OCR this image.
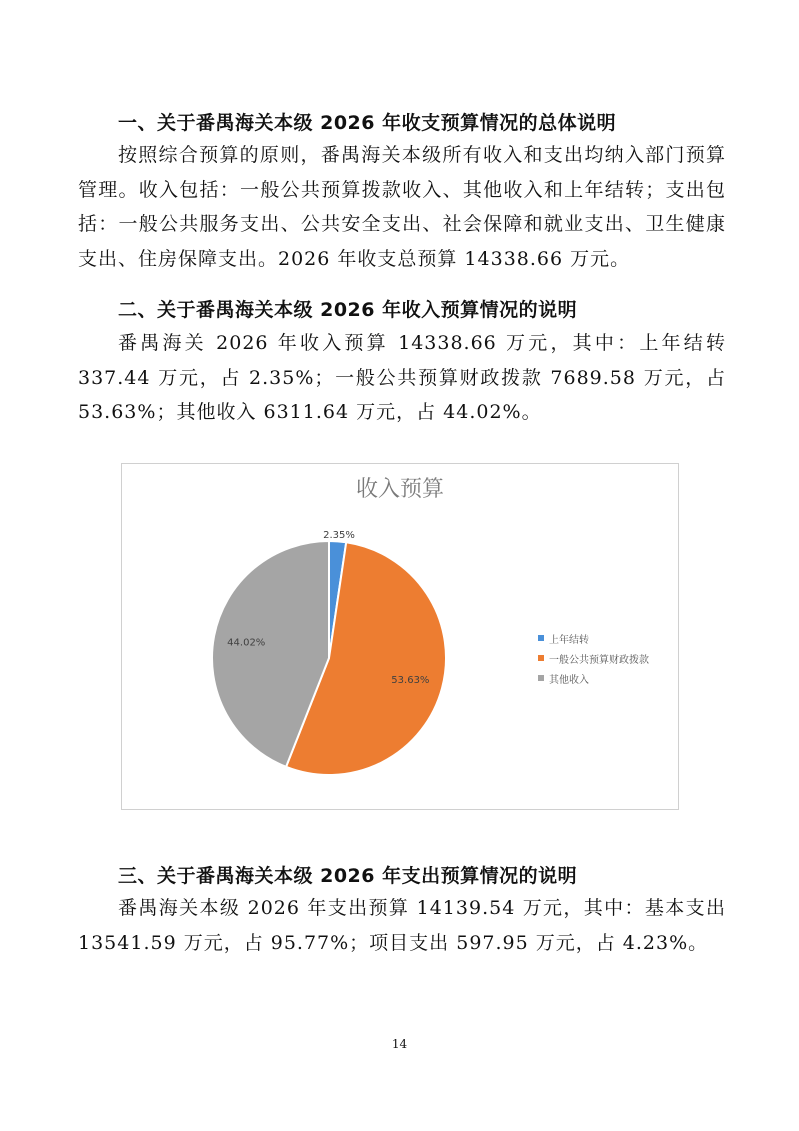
一、关于番禺海关本级 2026 年收支预算情况的总体说明

按照综合预算的原则，番禺海关本级所有收入和支出均纳入部门预算管理。收入包括：一般公共预算拨款收入、其他收入和上年结转；支出包括：一般公共服务支出、公共安全支出、社会保障和就业支出、卫生健康支出、住房保障支出。2026 年收支总预算 14338.66 万元。

二、关于番禺海关本级 2026 年收入预算情况的说明

番禺海关 2026 年收入预算 14338.66 万元，其中：上年结转 337.44 万元，占 2.35%；一般公共预算财政拨款 7689.58 万元，占 53.63%；其他收入 6311.64 万元，占 44.02%。

收入预算
2.35%
53.63%
44.02%	上年结转
一般公共预算财政拨款
其他收入
三、关于番禺海关本级 2026 年支出预算情况的说明

番禺海关本级 2026 年支出预算 14139.54 万元，其中：基本支出 13541.59 万元，占 95.77%；项目支出 597.95 万元，占 4.23%。

14
